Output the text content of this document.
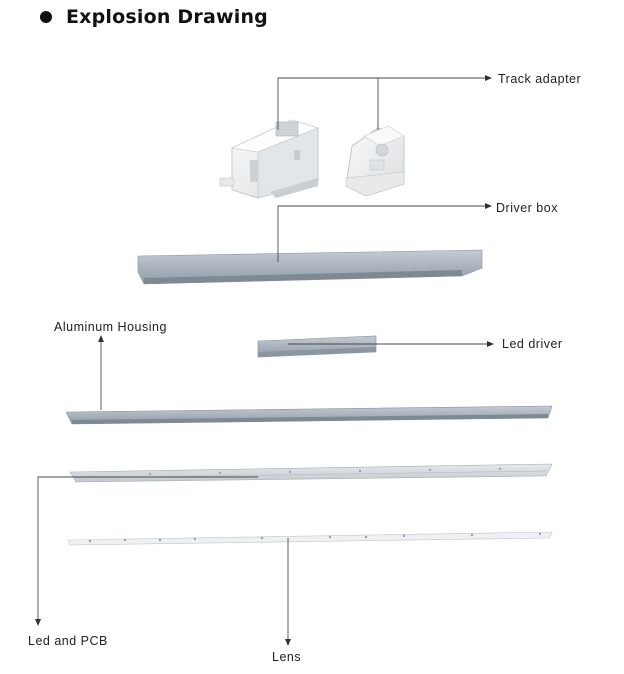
Explosion Drawing
Track adapter
Driver box
Aluminum Housing
Led driver
Led and PCB
Lens
